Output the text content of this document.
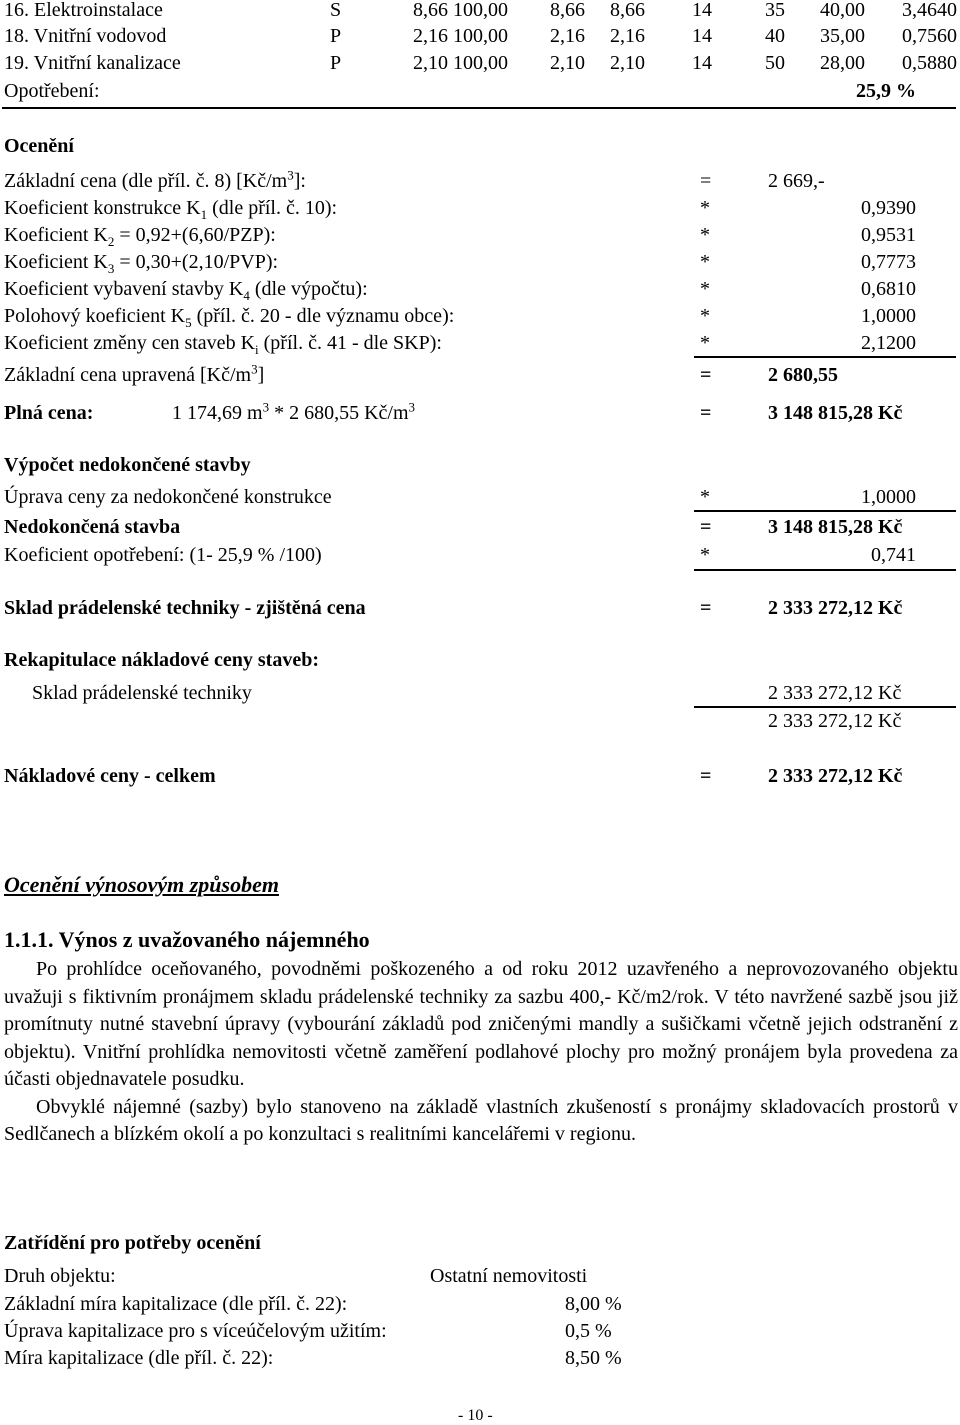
16. Elektroinstalace	S	8,66 100,00	8,66	8,66	14	35	40,00	3,4640
18. Vnitřní vodovod	P	2,16 100,00	2,16	2,16	14	40	35,00	0,7560
19. Vnitřní kanalizace	P	2,10 100,00	2,10	2,10	14	50	28,00	0,5880
Opotřebení:	25,9 %
Ocenění
Základní cena (dle příl. č. 8) $[Kč/m^3]$:	=	2 669,-
Koeficient konstrukce $K_1$ (dle příl. č. 10):	*	0,9390
Koeficient $K_2 = 0,92+(6,60/PZP)$:	*	0,9531
Koeficient $K_3 = 0,30+(2,10/PVP)$:	*	0,7773
Koeficient vybavení stavby $K_4$ (dle výpočtu):	*	0,6810
Polohový koeficient $K_5$ (příl. č. 20 - dle významu obce):	*	1,0000
Koeficient změny cen staveb $K_i$ (příl. č. 41 - dle SKP):	*	2,1200
Základní cena upravená $[Kč/m^3]$	=	2 680,55
Plná cena:	1 174,69 $m^3 * 2$ 680,55 $Kč/m^3$	=	3 148 815,28 Kč
Výpočet nedokončené stavby
Úprava ceny za nedokončené konstrukce	*	1,0000
Nedokončená stavba	=	3 148 815,28 Kč
Koeficient opotřebení: (1- 25,9 % /100)	*	0,741
Sklad prádelenské techniky - zjištěná cena	=	2 333 272,12 Kč
Rekapitulace nákladové ceny staveb:
Sklad prádelenské techniky	2 333 272,12 Kč
2 333 272,12 Kč
Nákladové ceny - celkem	=	2 333 272,12 Kč
Ocenění výnosovým způsobem
1.1.1. Výnos z uvažovaného nájemného

Po prohlídce oceňovaného, povodněmi poškozeného a od roku 2012 uzavřeného a neprovozovaného objektu uvažuji s fiktivním pronájmem skladu prádelenské techniky za sazbu 400,- Kč/m2/rok. V této navržené sazbě jsou již promítnuty nutné stavební úpravy (vybourání základů pod zničenými mandly a sušičkami včetně jejich odstranění z objektu). Vnitřní prohlídka nemovitosti včetně zaměření podlahové plochy pro možný pronájem byla provedena za účasti objednavatele posudku.

Obvyklé nájemné (sazby) bylo stanoveno na základě vlastních zkušeností s pronájmy skladovacích prostorů v Sedlčanech a blízkém okolí a po konzultaci s realitními kancelářemi v regionu.

Zatřídění pro potřeby ocenění
Druh objektu:	Ostatní nemovitosti
Základní míra kapitalizace (dle příl. č. 22):	8,00 %
Úprava kapitalizace pro s víceúčelovým užitím:	0,5 %
Míra kapitalizace (dle příl. č. 22):	8,50 %
- 10 -
